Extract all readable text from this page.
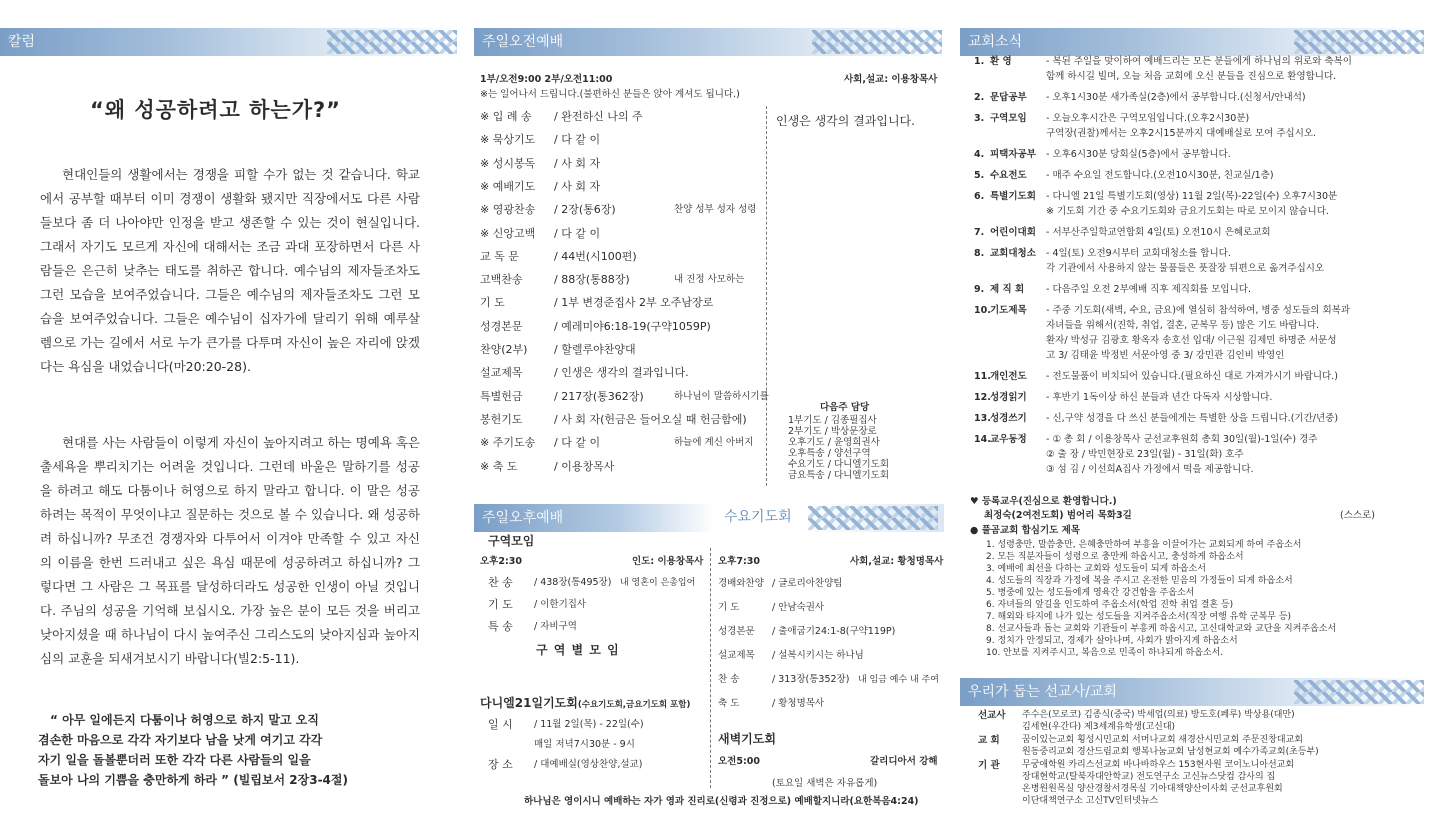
칼럼
“왜 성공하려고 하는가?”
현대인들의 생활에서는 경쟁을 피할 수가 없는 것 같습니다. 학교에서 공부할 때부터 이미 경쟁이 생활화 됐지만 직장에서도 다른 사람들보다 좀 더 나아야만 인정을 받고 생존할 수 있는 것이 현실입니다. 그래서 자기도 모르게 자신에 대해서는 조금 과대 포장하면서 다른 사람들은 은근히 낮추는 태도를 취하곤 합니다. 예수님의 제자들조차도 그런 모습을 보여주었습니다. 그들은 예수님의 제자들조차도 그런 모습을 보여주었습니다. 그들은 예수님이 십자가에 달리기 위해 예루살렘으로 가는 길에서 서로 누가 큰가를 다투며 자신이 높은 자리에 앉겠다는 욕심을 내었습니다(마20:20-28).
현대를 사는 사람들이 이렇게 자신이 높아지려고 하는 명예욕 혹은 출세욕을 뿌리치기는 어려울 것입니다. 그런데 바울은 말하기를 성공을 하려고 해도 다툼이나 허영으로 하지 말라고 합니다. 이 말은 성공하려는 목적이 무엇이냐고 질문하는 것으로 볼 수 있습니다. 왜 성공하려 하십니까? 무조건 경쟁자와 다투어서 이겨야 만족할 수 있고 자신의 이름을 한번 드러내고 싶은 욕심 때문에 성공하려고 하십니까? 그렇다면 그 사람은 그 목표를 달성하더라도 성공한 인생이 아닐 것입니다. 주님의 성공을 기억해 보십시오. 가장 높은 분이 모든 것을 버리고 낮아지셨을 때 하나님이 다시 높여주신 그리스도의 낮아지심과 높아지심의 교훈을 되새겨보시기 바랍니다(빌2:5-11).
“ 아무 일에든지 다툼이나 허영으로 하지 말고 오직
겸손한 마음으로 각각 자기보다 남을 낫게 여기고 각각
자기 일을 돌볼뿐더러 또한 각각 다른 사람들의 일을
돌보아 나의 기쁨을 충만하게 하라 ” (빌립보서 2장3-4절)
주일오전예배
1부/오전9:00 2부/오전11:00	사회,설교: 이용창목사
※는 일어나서 드립니다.(불편하신 분들은 앉아 계셔도 됩니다.)
인생은 생각의 결과입니다.
※ 입 례 송 / 완전하신 나의 주
※ 묵상기도 / 다 같 이
※ 성시봉독 / 사 회 자
※ 예배기도 / 사 회 자
※ 영광찬송 / 2장(통6장)	찬양 성부 성자 성령
※ 신앙고백 / 다 같 이
교 독 문	/ 44번(시100편)
고백찬송	/ 88장(통88장)	내 진정 사모하는
기 도	/ 1부 변경준집사 2부 오주남장로
성경본문	/ 예레미야6:18-19(구약1059P)
찬양(2부) / 할렐루야찬양대
설교제목	/ 인생은 생각의 결과입니다.
특별헌금	/ 217장(통362장)	하나님이 말씀하시기를
봉헌기도	/ 사 회 자(헌금은 들어오실 때 헌금함에)
※ 주기도송 / 다 같 이	하늘에 계신 아버지
※ 축 도	/ 이용창목사
다음주 담당
1부기도 / 김종필집사
2부기도 / 박상문장로
오후기도 / 윤영희권사
오후특송 / 양선구역
수요기도 / 다니엘기도회
금요특송 / 다니엘기도회
주일오후예배	수요기도회
구역모임
오후2:30	인도: 이용창목사
찬 송 / 438장(통495장) 내 영혼이 은총입어
기 도 / 이한기집사
특 송 / 자비구역
구 역 별 모 임
다니엘21일기도회(수요기도회,금요기도회 포함)
일 시 / 11월 2일(목) - 22일(수)
매일 저녁7시30분 - 9시
장 소 / 대예배실(영상찬양,설교)
오후7:30	사회,설교: 황청명목사
경배와찬양 / 글로리아찬양팀
기 도	/ 안남숙권사
성경본문 / 출애굽기24:1-8(구약119P)
설교제목 / 설복시키시는 하나님
찬 송	/ 313장(통352장) 내 임금 예수 내 주여
축 도	/ 황청명목사
새벽기도회
오전5:00	갈리디아서 강해
(토요일 새벽은 자유롭게)
하나님은 영이시니 예배하는 자가 영과 진리로(신령과 진정으로) 예배할지니라(요한복음4:24)
교회소식
1. 환 영	- 복된 주일을 맞이하여 예배드리는 모든 분들에게 하나님의 위로와 축복이
함께 하시길 빌며, 오늘 처음 교회에 오신 분들을 진심으로 환영합니다.
2. 문답공부 - 오후1시30분 새가족실(2층)에서 공부합니다.(신청서/안내석)
3. 구역모임 - 오늘오후시간은 구역모임입니다.(오후2시30분)
구역장(권찰)께서는 오후2시15분까지 대예배실로 모여 주십시오.
4. 피택자공부 - 오후6시30분 당회실(5층)에서 공부합니다.
5. 수요전도 - 매주 수요일 전도합니다.(오전10시30분, 친교실/1층)
6. 특별기도회 - 다니엘 21일 특별기도회(영상) 11월 2일(목)-22일(수) 오후7시30분
※ 기도회 기간 중 수요기도회와 금요기도회는 따로 모이지 않습니다.
7. 어린이대회 - 서부산주일학교연합회 4일(토) 오전10시 은혜로교회
8. 교회대청소 - 4일(토) 오전9시부터 교회대청소를 합니다.
각 기관에서 사용하지 않는 물품들은 풋잘장 뒤편으로 옮겨주십시오
9. 제 직 회 - 다음주일 오전 2부예배 직후 제직회를 모입니다.
10. 기도제목 - 주중 기도회(새벽, 수요, 금요)에 열심히 참석하여, 병중 성도들의 회복과
자녀들을 위해서(진학, 취업, 결혼, 군복무 등) 많은 기도 바랍니다.
환자/ 박성규 김광호 황옥자 송호선 입대/ 이근원 김제민 하명준 서문성
고 3/ 김태윤 박정빈 서문아영 중 3/ 강민관 김인비 박영인
11. 개인전도 - 전도물품이 비치되어 있습니다.(필요하신 대로 가져가시기 바랍니다.)
12. 성경읽기 - 후반기 1독이상 하신 분들과 년간 다독자 시상합니다.
13. 성경쓰기 - 신,구약 성경을 다 쓰신 분들에게는 특별한 상을 드립니다.(기간/년중)
14. 교우동정 - ① 총 회 / 이용창목사 군선교후원회 총회 30일(월)-1일(수) 경주
② 출 장 / 박민현장로 23일(월) - 31일(화) 호주
③ 섬 김 / 이선희A집사 가정에서 떡을 제공합니다.
♥ 등록교우(진심으로 환영합니다.)
최정숙(2여전도회) 범어리 목화3길	(스스로)
● 풀곰교회 합심기도 제목
1. 성령충만, 말씀충만, 은혜충만하여 부흥을 이끌어가는 교회되게 하여 주옵소서
2. 모든 직분자들이 성령으로 충만케 하옵시고, 충성하게 하옵소서
3. 예배에 최선을 다하는 교회와 성도들이 되게 하옵소서
4. 성도들의 직장과 가정에 복을 주시고 온전한 믿음의 가정들이 되게 하옵소서
5. 병중에 있는 성도들에게 영육간 강건함을 주옵소서
6. 자녀들의 앞길을 인도하여 주옵소서(학업 진학 취업 결혼 등)
7. 해외와 타지에 나가 있는 성도들을 지켜주옵소서(직장 여행 유학 군복무 등)
8. 선교사들과 돕는 교회와 기관들이 부흥케 하옵시고, 고신대학교와 교단을 지켜주옵소서
9. 정치가 안정되고, 경제가 살아나며, 사회가 밝아지게 하옵소서
10. 안보를 지켜주시고, 복음으로 민족이 하나되게 하옵소서.
우리가 돕는 선교사/교회
선교사 주수은(모로코) 김종식(중국) 박세업(의료) 방도호(페루) 박상용(대만)
김세현(우간다) 제3세계유학생(고신대)
교 회 꿈이있는교회 횡성시민교회 서머나교회 새경산시민교회 주문진창대교회
원동중리교회 경산드림교회 행복나눔교회 남성현교회 예수가족교회(초등부)
기 관 무궁애학원 카리스선교회 바나바하우스 153현사원 코이노니아선교회
장대현학교(탈북자대안학교) 전도연구소 고신뉴스닷컴 감사의 집
온병원원목실 양산경찰서경목실 기아대책양산이사회 군선교후원회
이단대책연구소 고신TV인터넷뉴스
